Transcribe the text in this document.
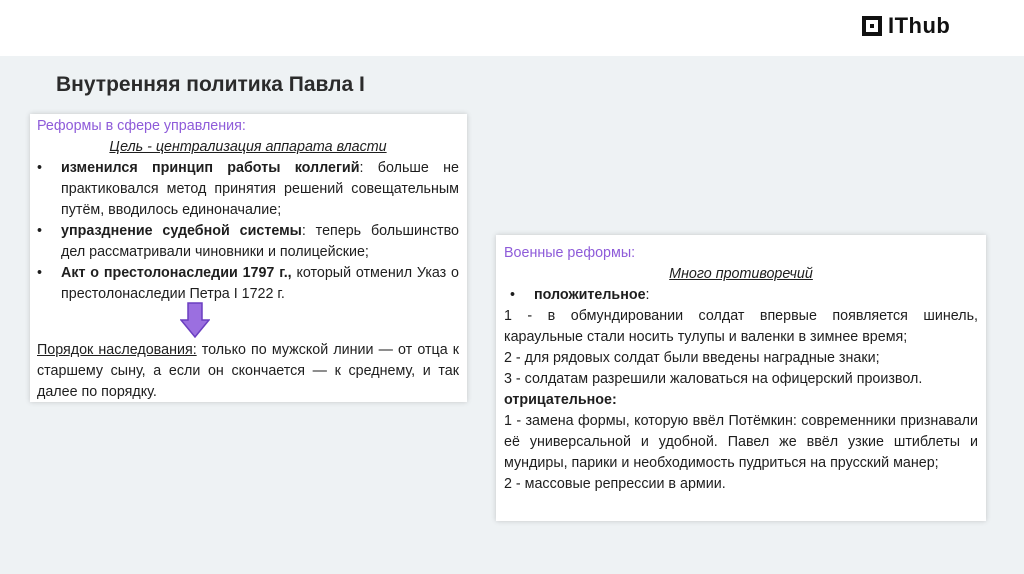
IThub
Внутренняя политика Павла I

Реформы в сфере управления:

Цель - централизация аппарата власти

•	изменился принцип работы коллегий: больше не практиковался метод принятия решений совещательным путём, вводилось единоначалие;
•	упразднение судебной системы: теперь большинство дел рассматривали чиновники и полицейские;
•	Акт о престолонаследии 1797 г., который отменил Указ о престолонаследии Петра I 1722 г.
Порядок наследования: только по мужской линии — от отца к старшему сыну, а если он скончается — к среднему, и так далее по порядку.

Военные реформы:

Много противоречий

•	положительное:

1 - в обмундировании солдат впервые появляется шинель, караульные стали носить тулупы и валенки в зимнее время;

2 - для рядовых солдат были введены наградные знаки;

3 - солдатам разрешили жаловаться на офицерский произвол.

отрицательное:

1 - замена формы, которую ввёл Потёмкин: современники признавали её универсальной и удобной. Павел же ввёл узкие штиблеты и мундиры, парики и необходимость пудриться на прусский манер;

2 - массовые репрессии в армии.
